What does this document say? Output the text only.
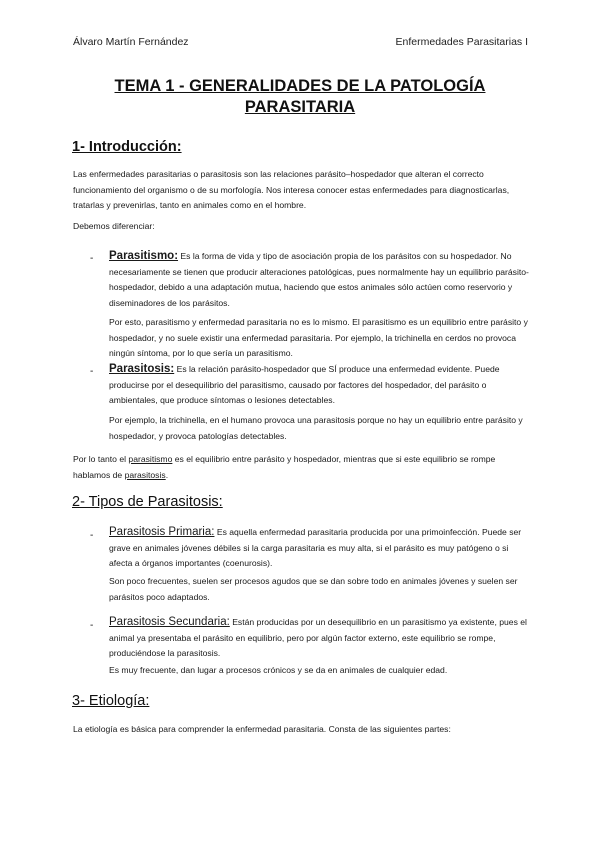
Álvaro Martín Fernández	Enfermedades Parasitarias I
TEMA 1 - GENERALIDADES DE LA PATOLOGÍA PARASITARIA
1- Introducción:
Las enfermedades parasitarias o parasitosis son las relaciones parásito–hospedador que alteran el correcto funcionamiento del organismo o de su morfología. Nos interesa conocer estas enfermedades para diagnosticarlas, tratarlas y prevenirlas, tanto en animales como en el hombre.
Debemos diferenciar:
- Parasitismo: Es la forma de vida y tipo de asociación propia de los parásitos con su hospedador. No necesariamente se tienen que producir alteraciones patológicas, pues normalmente hay un equilibrio parásito-hospedador, debido a una adaptación mutua, haciendo que estos animales sólo actúen como reservorio y diseminadores de los parásitos.
Por esto, parasitismo y enfermedad parasitaria no es lo mismo. El parasitismo es un equilibrio entre parásito y hospedador, y no suele existir una enfermedad parasitaria. Por ejemplo, la trichinella en cerdos no provoca ningún síntoma, por lo que sería un parasitismo.
- Parasitosis: Es la relación parásito-hospedador que SÍ produce una enfermedad evidente. Puede producirse por el desequilibrio del parasitismo, causado por factores del hospedador, del parásito o ambientales, que produce síntomas o lesiones detectables.
Por ejemplo, la trichinella, en el humano provoca una parasitosis porque no hay un equilibrio entre parásito y hospedador, y provoca patologías detectables.
Por lo tanto el parasitismo es el equilibrio entre parásito y hospedador, mientras que si este equilibrio se rompe hablamos de parasitosis.
2- Tipos de Parasitosis:
- Parasitosis Primaria: Es aquella enfermedad parasitaria producida por una primoinfección. Puede ser grave en animales jóvenes débiles si la carga parasitaria es muy alta, si el parásito es muy patógeno o si afecta a órganos importantes (coenurosis).
Son poco frecuentes, suelen ser procesos agudos que se dan sobre todo en animales jóvenes y suelen ser parásitos poco adaptados.
- Parasitosis Secundaria: Están producidas por un desequilibrio en un parasitismo ya existente, pues el animal ya presentaba el parásito en equilibrio, pero por algún factor externo, este equilibrio se rompe, produciéndose la parasitosis.
Es muy frecuente, dan lugar a procesos crónicos y se da en animales de cualquier edad.
3- Etiología:
La etiología es básica para comprender la enfermedad parasitaria. Consta de las siguientes partes:
